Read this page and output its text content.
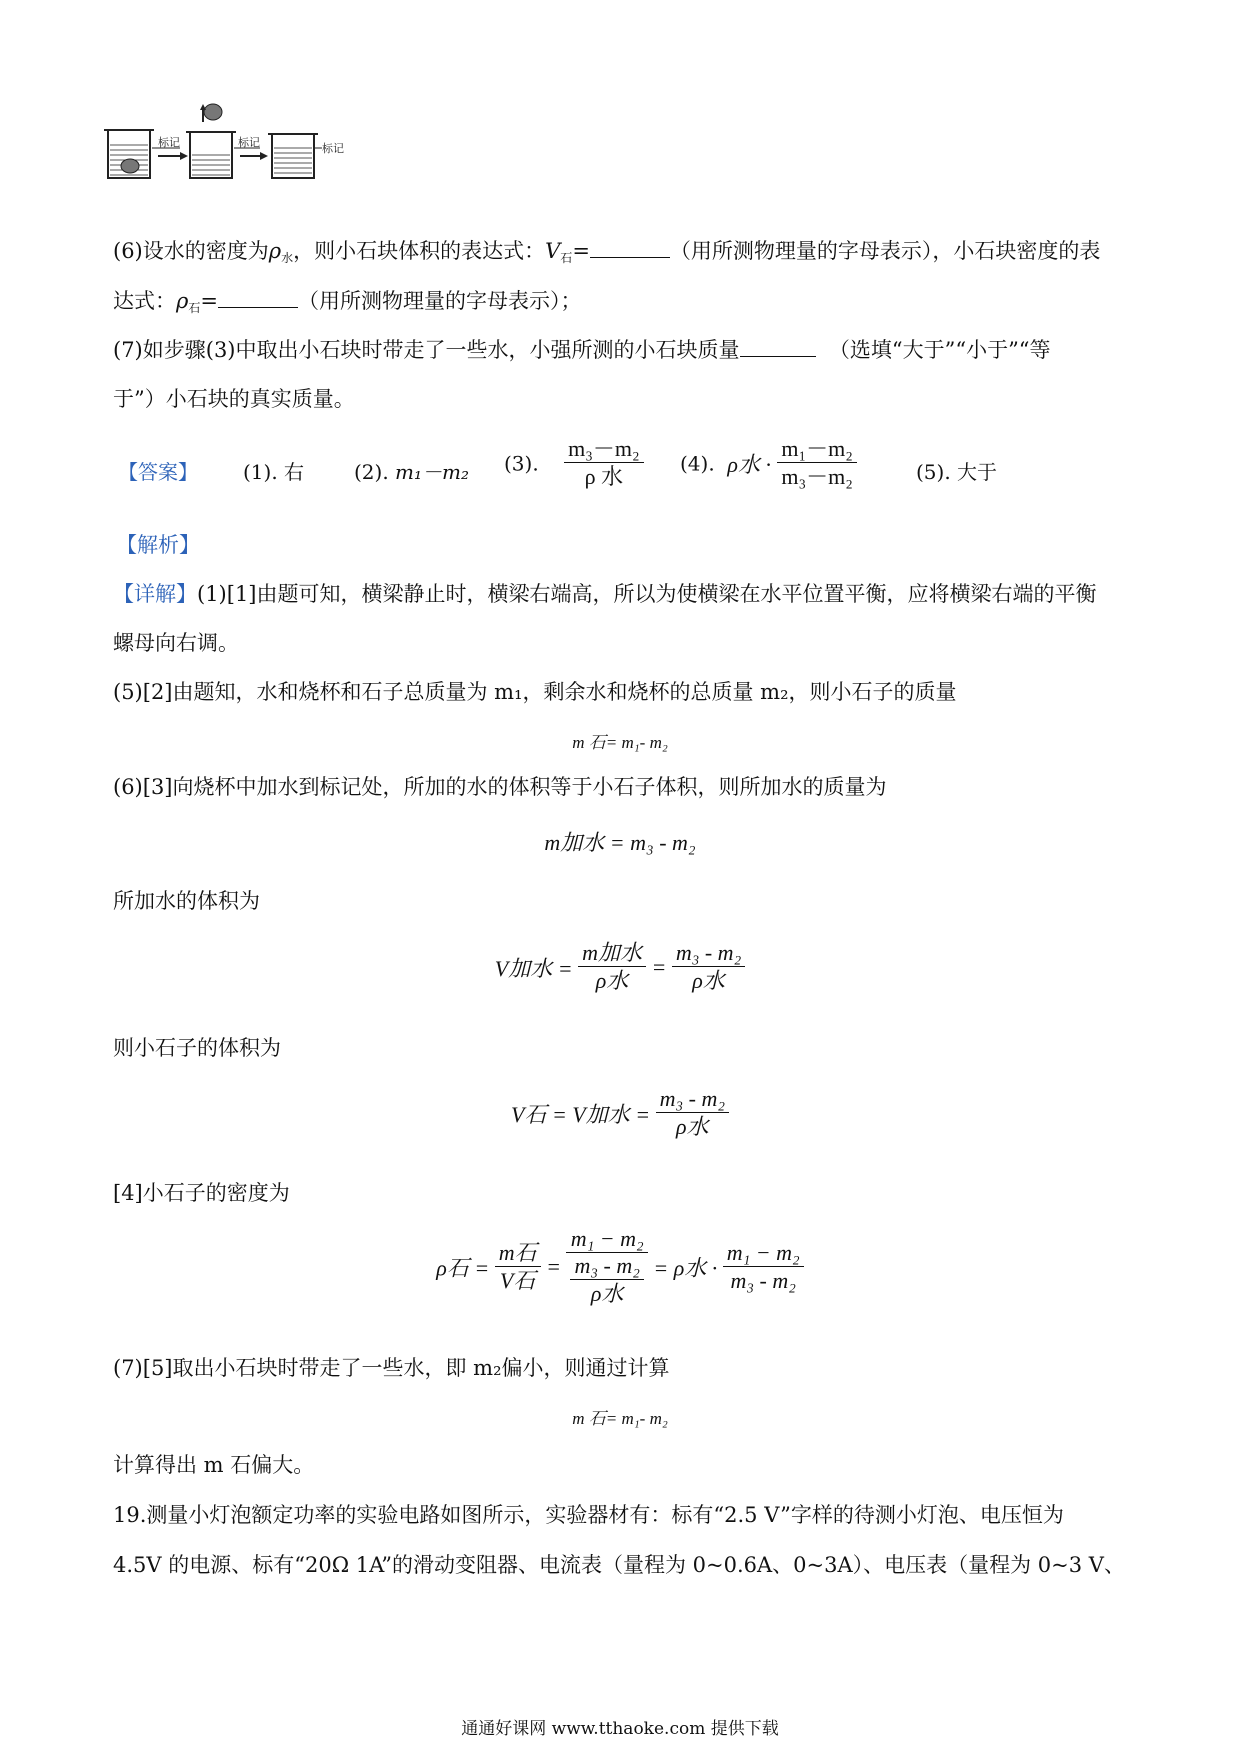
标记	标记	标记
(6)设水的密度为$\rho_水$，则小石块体积的表达式：$V_石=$	（用所测物理量的字母表示），小石块密度的表
达式：$\rho_石=$	（用所测物理量的字母表示）；
(7)如步骤(3)中取出小石块时带走了一些水，小强所测的小石块质量	（选填“大于”“小于”“等
于”）小石块的真实质量。
【答案】 (1). 右 (2). m₁－m₂ (3). $\frac{\text{m₃－m₂}}{\text{ρ 水}} (4)$. ρ水 · $\frac{\text{m₁－m₂}}{\text{m₃－m₂}}$	(5). 大于
【解析】
【详解】(1)[1]由题可知，横梁静止时，横梁右端高，所以为使横梁在水平位置平衡，应将横梁右端的平衡
螺母向右调。
(5)[2]由题知，水和烧杯和石子总质量为 m₁，剩余水和烧杯的总质量 m₂，则小石子的质量
m 石= m₁- m₂
(6)[3]向烧杯中加水到标记处，所加的水的体积等于小石子体积，则所加水的质量为
m加水 = m₃ - m₂
所加水的体积为
V加水 = $\frac{\text{m加水}}{\text{ρ水}} = \frac{\text{m₃ - m₂}}{\text{ρ水}}$
则小石子的体积为
V石 = V加水 = $\frac{\text{m₃ - m₂}}{\text{ρ水}}$
[4]小石子的密度为
ρ石 = $\frac{\text{m石}}{\text{V石}} = \frac{\text{m₁ − m₂}}{\frac{\text{m₃ - m₂}}{\text{ρ水}}} = \rho$水 · $\frac{\text{m₁ − m₂}}{\text{m₃ - m₂}}$
(7)[5]取出小石块时带走了一些水，即 m₂偏小，则通过计算
m 石= m₁- m₂
计算得出 m 石偏大。
19.测量小灯泡额定功率的实验电路如图所示，实验器材有：标有“2.5 V”字样的待测小灯泡、电压恒为
4.5V 的电源、标有“20Ω 1A”的滑动变阻器、电流表（量程为 0~0.6A、0~3A）、电压表（量程为 0~3 V、
通通好课网 www.tthaoke.com 提供下载
